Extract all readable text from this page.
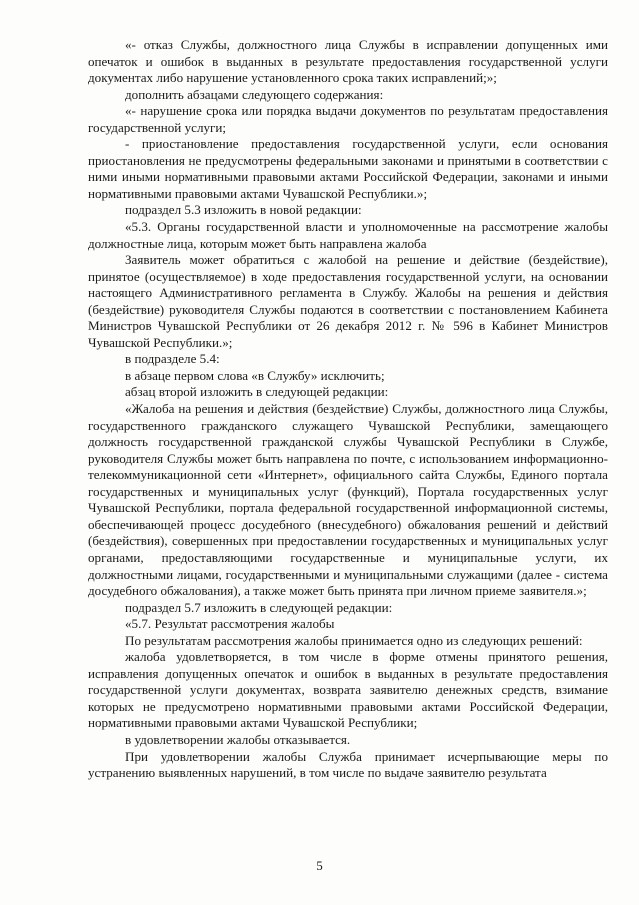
«- отказ Службы, должностного лица Службы в исправлении допущенных ими опечаток и ошибок в выданных в результате предоставления государственной услуги документах либо нарушение установленного срока таких исправлений;»;

дополнить абзацами следующего содержания:

«- нарушение срока или порядка выдачи документов по результатам предоставления государственной услуги;

- приостановление предоставления государственной услуги, если основания приостановления не предусмотрены федеральными законами и принятыми в соответствии с ними иными нормативными правовыми актами Российской Федерации, законами и иными нормативными правовыми актами Чувашской Республики.»;

подраздел 5.3 изложить в новой редакции:

«5.3. Органы государственной власти и уполномоченные на рассмотрение жалобы должностные лица, которым может быть направлена жалоба

Заявитель может обратиться с жалобой на решение и действие (бездействие), принятое (осуществляемое) в ходе предоставления государственной услуги, на основании настоящего Административного регламента в Службу. Жалобы на решения и действия (бездействие) руководителя Службы подаются в соответствии с постановлением Кабинета Министров Чувашской Республики от 26 декабря 2012 г. № 596 в Кабинет Министров Чувашской Республики.»;

в подразделе 5.4:

в абзаце первом слова «в Службу» исключить;

абзац второй изложить в следующей редакции:

«Жалоба на решения и действия (бездействие) Службы, должностного лица Службы, государственного гражданского служащего Чувашской Республики, замещающего должность государственной гражданской службы Чувашской Республики в Службе, руководителя Службы может быть направлена по почте, с использованием информационно-телекоммуникационной сети «Интернет», официального сайта Службы, Единого портала государственных и муниципальных услуг (функций), Портала государственных услуг Чувашской Республики, портала федеральной государственной информационной системы, обеспечивающей процесс досудебного (внесудебного) обжалования решений и действий (бездействия), совершенных при предоставлении государственных и муниципальных услуг органами, предоставляющими государственные и муниципальные услуги, их должностными лицами, государственными и муниципальными служащими (далее - система досудебного обжалования), а также может быть принята при личном приеме заявителя.»;

подраздел 5.7 изложить в следующей редакции:

«5.7. Результат рассмотрения жалобы

По результатам рассмотрения жалобы принимается одно из следующих решений:

жалоба удовлетворяется, в том числе в форме отмены принятого решения, исправления допущенных опечаток и ошибок в выданных в результате предоставления государственной услуги документах, возврата заявителю денежных средств, взимание которых не предусмотрено нормативными правовыми актами Российской Федерации, нормативными правовыми актами Чувашской Республики;

в удовлетворении жалобы отказывается.

При удовлетворении жалобы Служба принимает исчерпывающие меры по устранению выявленных нарушений, в том числе по выдаче заявителю результата

5
